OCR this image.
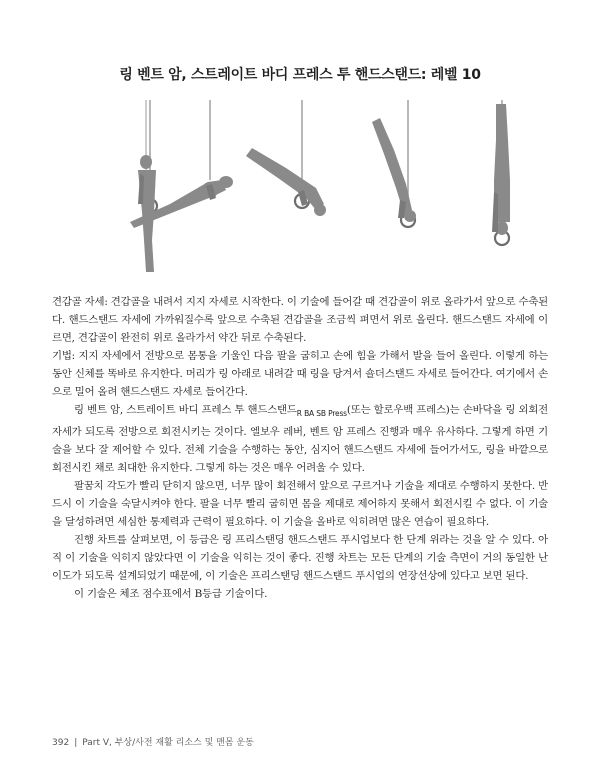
링 벤트 암, 스트레이트 바디 프레스 투 핸드스탠드: 레벨 10

견갑골 자세: 견갑골을 내려서 지지 자세로 시작한다. 이 기술에 들어갈 때 견갑골이 위로 올라가서 앞으로 수축된다. 핸드스탠드 자세에 가까워질수록 앞으로 수축된 견갑골을 조금씩 펴면서 위로 올린다. 핸드스탠드 자세에 이르면, 견갑골이 완전히 위로 올라가서 약간 뒤로 수축된다.

기법: 지지 자세에서 전방으로 몸통을 기울인 다음 팔을 굽히고 손에 힘을 가해서 발을 들어 올린다. 이렇게 하는 동안 신체를 똑바로 유지한다. 머리가 링 아래로 내려갈 때 링을 당겨서 숄더스탠드 자세로 들어간다. 여기에서 손으로 밀어 올려 핸드스탠드 자세로 들어간다.

링 벤트 암, 스트레이트 바디 프레스 투 핸드스탠드$_{R BA SB Press}$(또는 할로우백 프레스)는 손바닥을 링 외회전 자세가 되도록 전방으로 회전시키는 것이다. 엘보우 레버, 벤트 암 프레스 진행과 매우 유사하다. 그렇게 하면 기술을 보다 잘 제어할 수 있다. 전체 기술을 수행하는 동안, 심지어 핸드스탠드 자세에 들어가서도, 링을 바깥으로 회전시킨 채로 최대한 유지한다. 그렇게 하는 것은 매우 어려울 수 있다.

팔꿈치 각도가 빨리 닫히지 않으면, 너무 많이 회전해서 앞으로 구르거나 기술을 제대로 수행하지 못한다. 반드시 이 기술을 숙달시켜야 한다. 팔을 너무 빨리 굽히면 몸을 제대로 제어하지 못해서 회전시킬 수 없다. 이 기술을 달성하려면 세심한 통제력과 근력이 필요하다. 이 기술을 올바로 익히려면 많은 연습이 필요하다.

진행 차트를 살펴보면, 이 등급은 링 프리스탠딩 핸드스탠드 푸시업보다 한 단계 위라는 것을 알 수 있다. 아직 이 기술을 익히지 않았다면 이 기술을 익히는 것이 좋다. 진행 차트는 모든 단계의 기술 측면이 거의 동일한 난이도가 되도록 설계되었기 때문에, 이 기술은 프리스탠딩 핸드스탠드 푸시업의 연장선상에 있다고 보면 된다.

이 기술은 체조 점수표에서 B등급 기술이다.

392 | Part V, 부상/사전 재활 리소스 및 맨몸 운동
